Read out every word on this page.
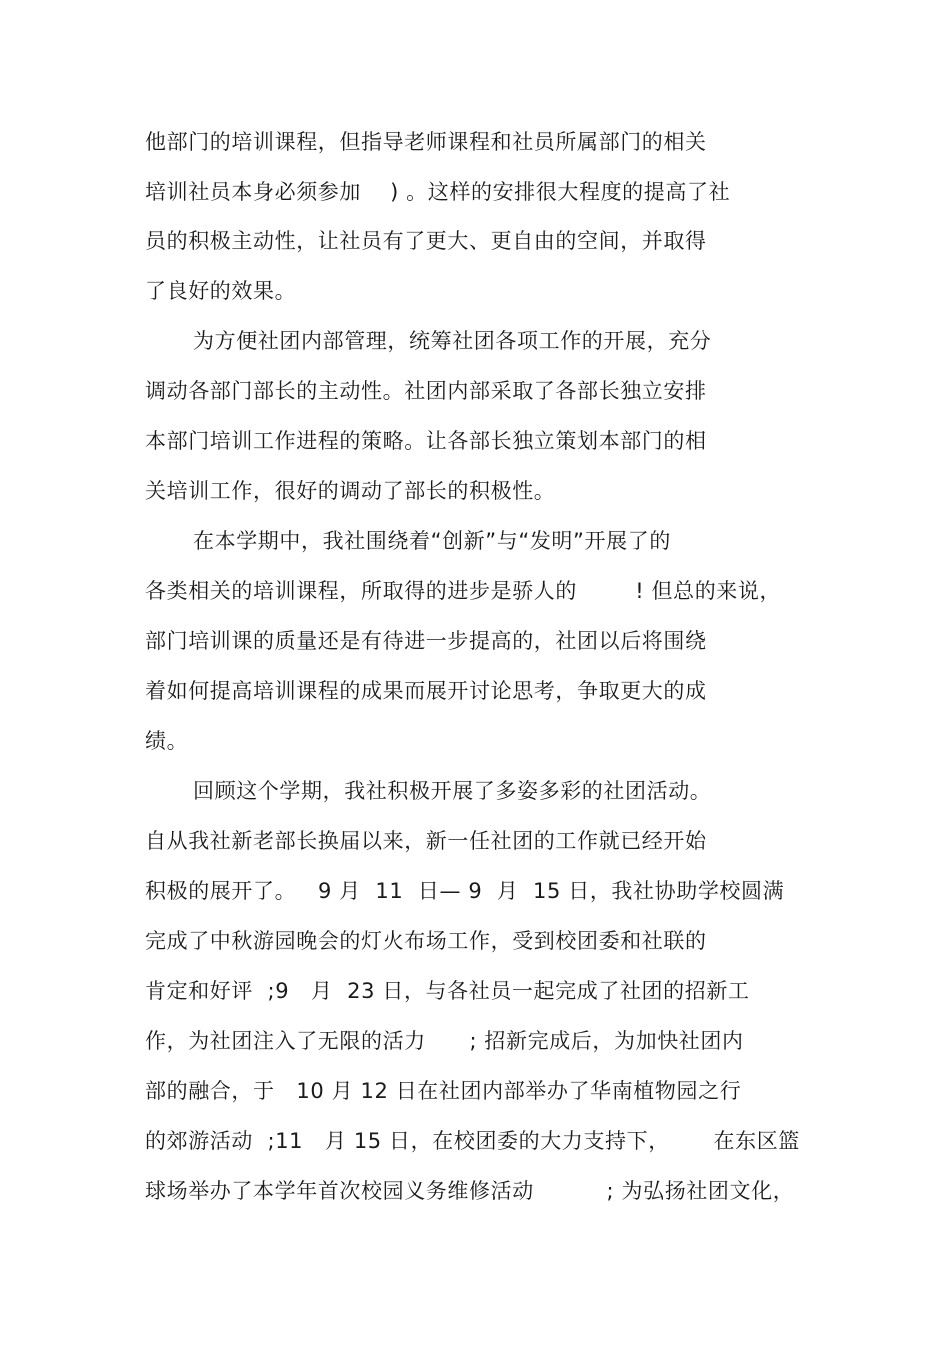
他部门的培训课程，但指导老师课程和社员所属部门的相关
培训社员本身必须参加    ) 。这样的安排很大程度的提高了社
员的积极主动性，让社员有了更大、更自由的空间，并取得
了良好的效果。
为方便社团内部管理，统筹社团各项工作的开展，充分
调动各部门部长的主动性。社团内部采取了各部长独立安排
本部门培训工作进程的策略。让各部长独立策划本部门的相
关培训工作，很好的调动了部长的积极性。
在本学期中，我社围绕着“创新”与“发明”开展了的
各类相关的培训课程，所取得的进步是骄人的        ! 但总的来说，
部门培训课的质量还是有待进一步提高的，社团以后将围绕
着如何提高培训课程的成果而展开讨论思考，争取更大的成
绩。
回顾这个学期，我社积极开展了多姿多彩的社团活动。
自从我社新老部长换届以来，新一任社团的工作就已经开始
积极的展开了。   9 月  11  日— 9  月  15 日，我社协助学校圆满
完成了中秋游园晚会的灯火布场工作，受到校团委和社联的
肯定和好评  ;9   月  23 日，与各社员一起完成了社团的招新工
作，为社团注入了无限的活力      ; 招新完成后，为加快社团内
部的融合，于   10 月 12 日在社团内部举办了华南植物园之行
的郊游活动  ;11   月 15 日，在校团委的大力支持下，      在东区篮
球场举办了本学年首次校园义务维修活动          ; 为弘扬社团文化，
